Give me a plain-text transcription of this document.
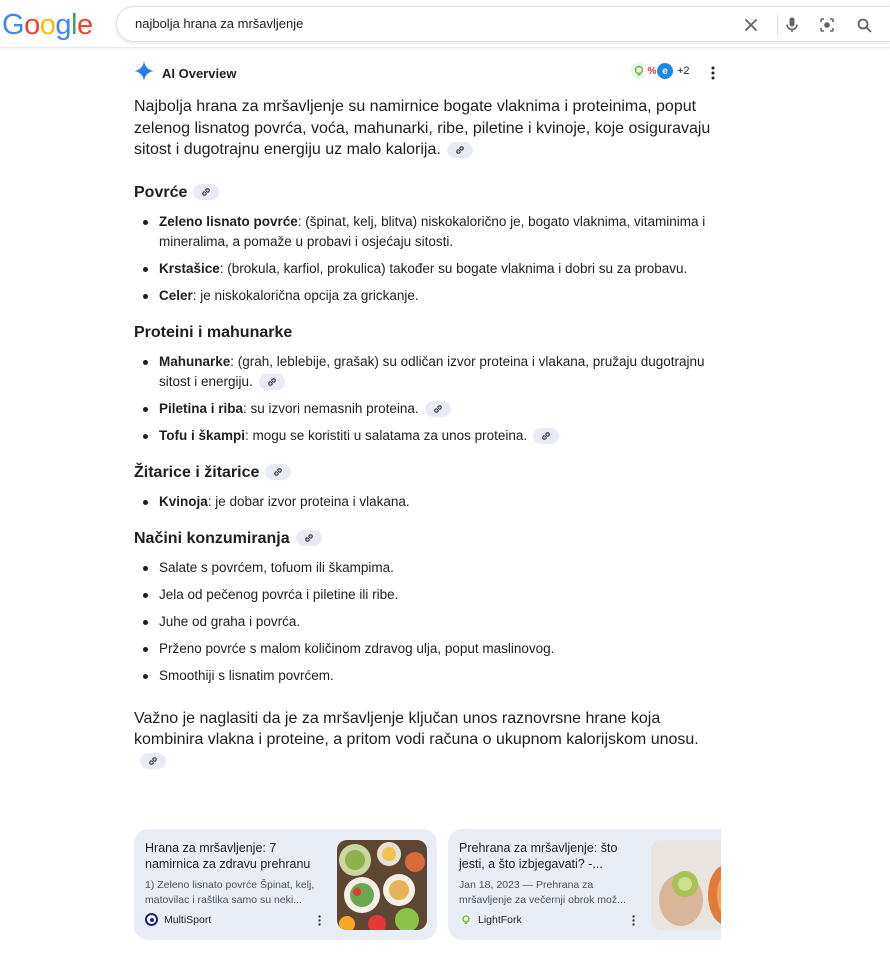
Google	najbolja hrana za mršavljenje
AI Overview	% e +2

Najbolja hrana za mršavljenje su namirnice bogate vlaknima i proteinima, poput zelenog lisnatog povrća, voća, mahunarki, ribe, piletine i kvinoje, koje osiguravaju sitost i dugotrajnu energiju uz malo kalorija.

Povrće
Zeleno lisnato povrće: (špinat, kelj, blitva) niskokalorično je, bogato vlaknima, vitaminima i mineralima, a pomaže u probavi i osjećaju sitosti.
Krstašice: (brokula, karfiol, prokulica) također su bogate vlaknima i dobri su za probavu.
Celer: je niskokalorična opcija za grickanje.
Proteini i mahunarke
Mahunarke: (grah, leblebije, grašak) su odličan izvor proteina i vlakana, pružaju dugotrajnu sitost i energiju.
Piletina i riba: su izvori nemasnih proteina.
Tofu i škampi: mogu se koristiti u salatama za unos proteina.
Žitarice i žitarice
Kvinoja: je dobar izvor proteina i vlakana.
Načini konzumiranja
Salate s povrćem, tofuom ili škampima.
Jela od pečenog povrća i piletine ili ribe.
Juhe od graha i povrća.
Prženo povrće s malom količinom zdravog ulja, poput maslinovog.
Smoothiji s lisnatim povrćem.

Važno je naglasiti da je za mršavljenje ključan unos raznovrsne hrane koja kombinira vlakna i proteine, a pritom vodi računa o ukupnom kalorijskom unosu.

Hrana za mršavljenje: 7 namirnica za zdravu prehranu
1) Zeleno lisnato povrće Špinat, kelj, matovilac i raštika samo su neki...
MultiSport
Prehrana za mršavljenje: što jesti, a što izbjegavati? -...
Jan 18, 2023 — Prehrana za mršavljenje za večernji obrok mož...
LightFork
